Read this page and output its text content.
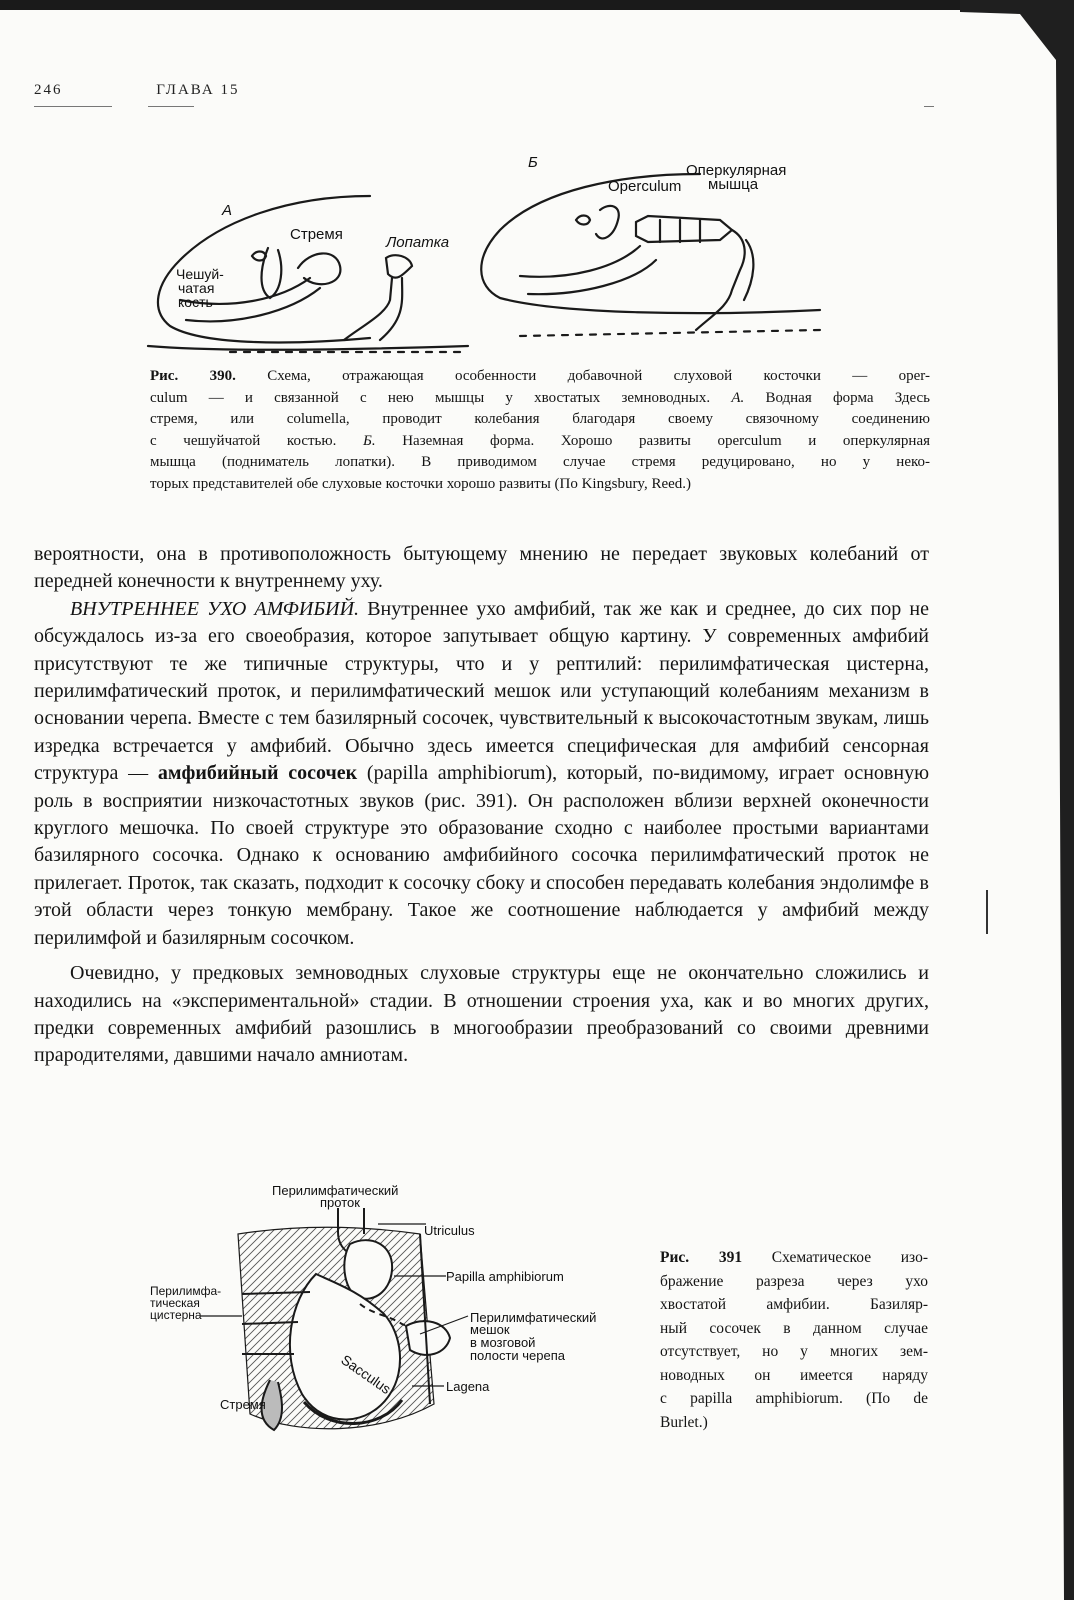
246	ГЛАВА 15
А
Стремя	Лопатка
Чешуй-
чатая
кость
Б	Оперкулярная
мышца
Operculum
Рис. 390. Схема, отражающая особенности добавочной слуховой косточки — oper-
culum — и связанной с нею мышцы у хвостатых земноводных. А. Водная форма Здесь
стремя, или columella, проводит колебания благодаря своему связочному соединению
с чешуйчатой костью. Б. Наземная форма. Хорошо развиты operculum и оперкулярная
мышца (подниматель лопатки). В приводимом случае стремя редуцировано, но у неко-
торых представителей обе слуховые косточки хорошо развиты (По Kingsbury, Reed.)

вероятности, она в противоположность бытующему мнению не передает звуковых колебаний от передней конечности к внутреннему уху.

ВНУТРЕННЕЕ УХО АМФИБИЙ. Внутреннее ухо амфибий, так же как и среднее, до сих пор не обсуждалось из-за его своеобразия, которое запутывает общую картину. У современных амфибий присутствуют те же типичные структуры, что и у рептилий: перилимфатическая цистерна, перилимфатический проток, и перилимфатический мешок или уступающий колебаниям механизм в основании черепа. Вместе с тем базилярный сосочек, чувствительный к высокочастотным звукам, лишь изредка встречается у амфибий. Обычно здесь имеется специфическая для амфибий сенсорная структура — амфибийный сосочек (papilla amphibiorum), который, по-видимому, играет основную роль в восприятии низкочастотных звуков (рис. 391). Он расположен вблизи верхней оконечности круглого мешочка. По своей структуре это образование сходно с наиболее простыми вариантами базилярного сосочка. Однако к основанию амфибийного сосочка перилимфатический проток не прилегает. Проток, так сказать, подходит к сосочку сбоку и способен передавать колебания эндолимфе в этой области через тонкую мембрану. Такое же соотношение наблюдается у амфибий между перилимфой и базилярным сосочком.

Очевидно, у предковых земноводных слуховые структуры еще не окончательно сложились и находились на «экспериментальной» стадии. В отношении строения уха, как и во многих других, предки современных амфибий разошлись в многообразии преобразований со своими древними прародителями, давшими начало амниотам.

Sacculus
Перилимфатический
проток
Utriculus
Papilla amphibiorum
Перилимфа-
тическая
цистерна	Перилимфатический
мешок
в мозговой
полости черепа
Lagena
Стремя
Рис. 391 Схематическое изо-
бражение разреза через ухо
хвостатой амфибии. Базиляр-
ный сосочек в данном случае
отсутствует, но у многих зем-
новодных он имеется наряду
с papilla amphibiorum. (По de
Burlet.)
